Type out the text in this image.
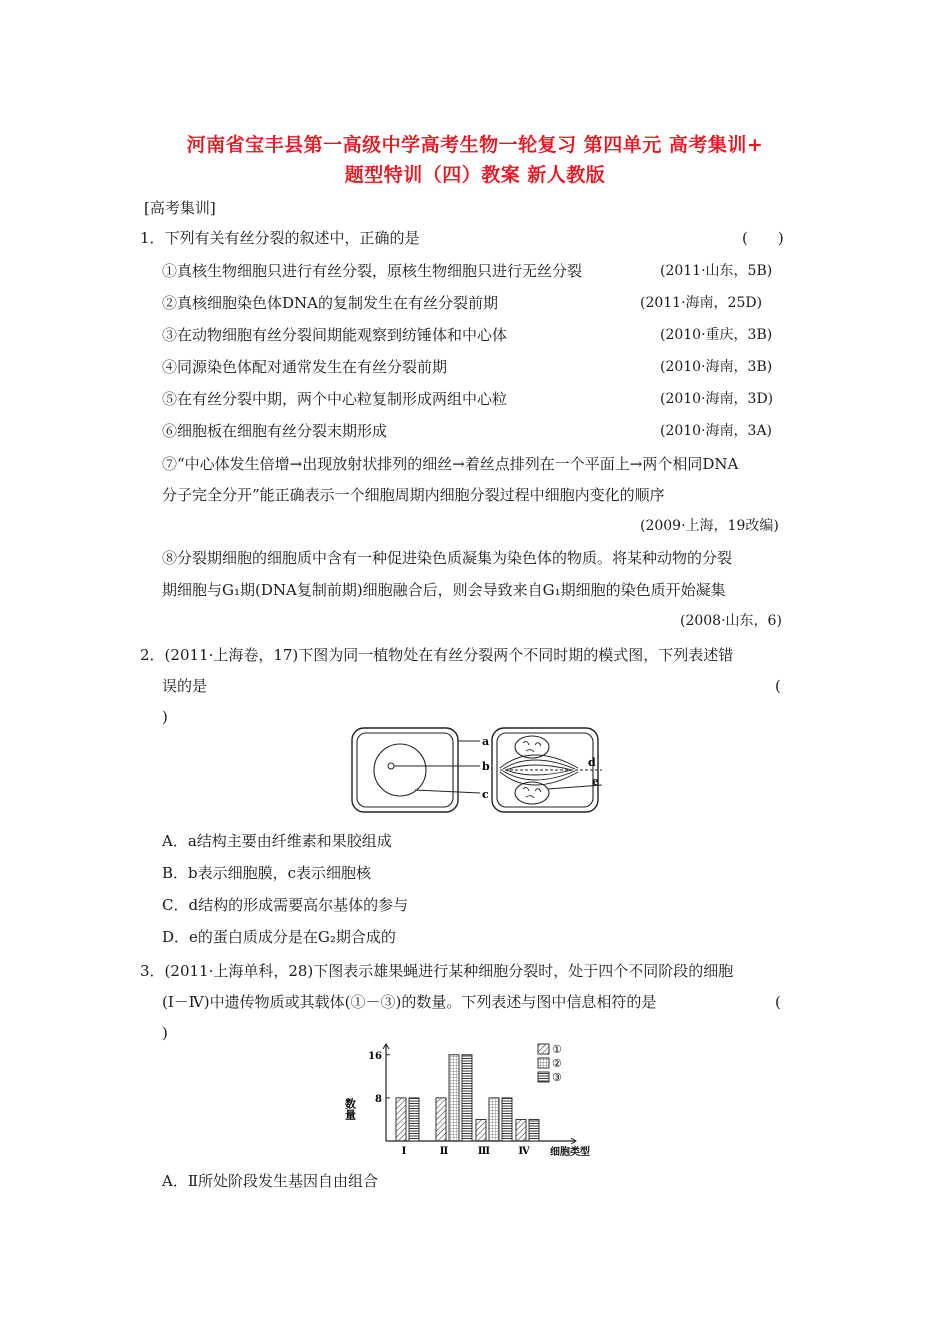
河南省宝丰县第一高级中学高考生物一轮复习 第四单元 高考集训+
题型特训（四）教案 新人教版
[高考集训]
1．下列有关有丝分裂的叙述中，正确的是	(　　)
①真核生物细胞只进行有丝分裂，原核生物细胞只进行无丝分裂	(2011·山东，5B)
②真核细胞染色体DNA的复制发生在有丝分裂前期	(2011·海南，25D)
③在动物细胞有丝分裂间期能观察到纺锤体和中心体	(2010·重庆，3B)
④同源染色体配对通常发生在有丝分裂前期	(2010·海南，3B)
⑤在有丝分裂中期，两个中心粒复制形成两组中心粒	(2010·海南，3D)
⑥细胞板在细胞有丝分裂末期形成	(2010·海南，3A)
⑦“中心体发生倍增→出现放射状排列的细丝→着丝点排列在一个平面上→两个相同DNA
分子完全分开”能正确表示一个细胞周期内细胞分裂过程中细胞内变化的顺序
(2009·上海，19改编)
⑧分裂期细胞的细胞质中含有一种促进染色质凝集为染色体的物质。将某种动物的分裂
期细胞与G₁期(DNA复制前期)细胞融合后，则会导致来自G₁期细胞的染色质开始凝集
(2008·山东，6)
2．(2011·上海卷，17)下图为同一植物处在有丝分裂两个不同时期的模式图，下列表述错
误的是	(
)
a
b
c
d
e
A．a结构主要由纤维素和果胶组成
B．b表示细胞膜，c表示细胞核
C．d结构的形成需要高尔基体的参与
D．e的蛋白质成分是在G₂期合成的
3．(2011·上海单科，28)下图表示雄果蝇进行某种细胞分裂时，处于四个不同阶段的细胞
(Ⅰ－Ⅳ)中遗传物质或其载体(①－③)的数量。下列表述与图中信息相符的是	(
)
8
16
Ⅰ	Ⅱ	Ⅲ	Ⅳ
①
②
③
数量
细胞类型
A．Ⅱ所处阶段发生基因自由组合
